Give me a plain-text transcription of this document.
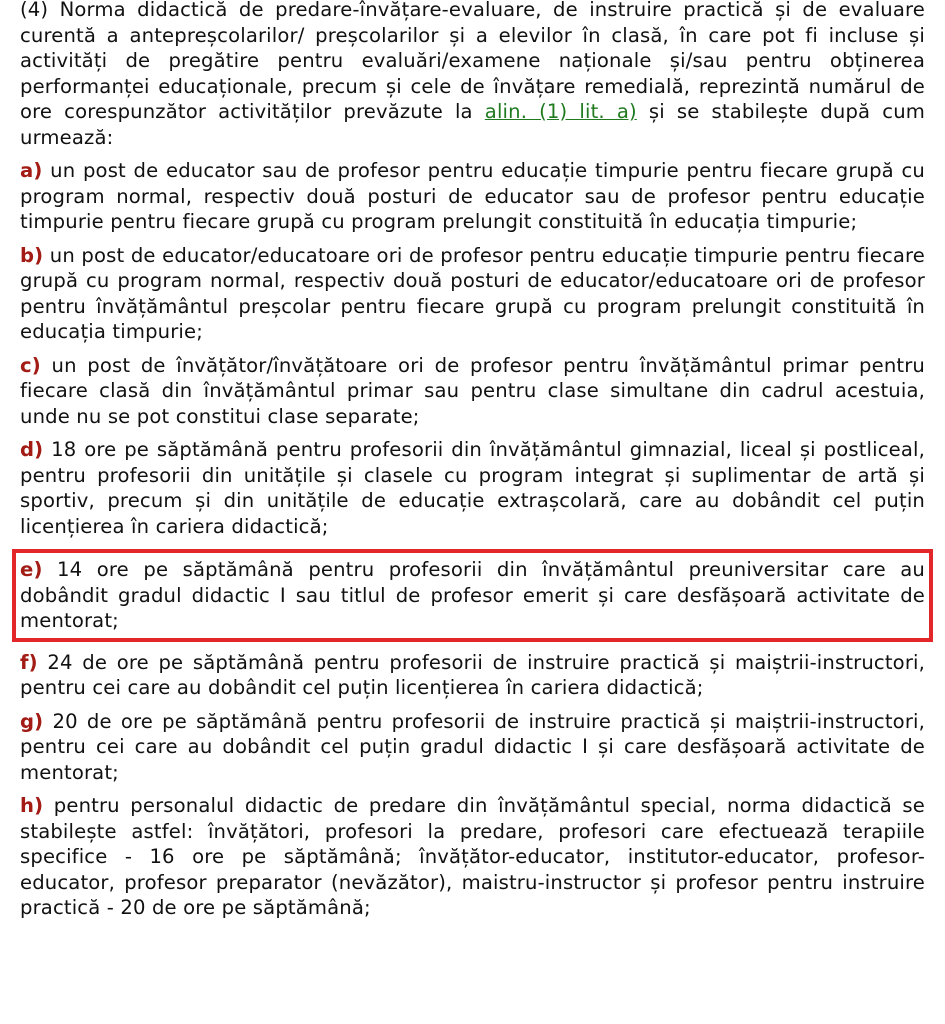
(4) Norma didactică de predare-învățare-evaluare, de instruire practică și de evaluare curentă a antepreșcolarilor/ preșcolarilor și a elevilor în clasă, în care pot fi incluse și activități de pregătire pentru evaluări/examene naționale și/sau pentru obținerea performanței educaționale, precum și cele de învățare remedială, reprezintă numărul de ore corespunzător activităților prevăzute la alin. (1) lit. a) și se stabilește după cum urmează:

a) un post de educator sau de profesor pentru educație timpurie pentru fiecare grupă cu program normal, respectiv două posturi de educator sau de profesor pentru educație timpurie pentru fiecare grupă cu program prelungit constituită în educația timpurie;

b) un post de educator/educatoare ori de profesor pentru educație timpurie pentru fiecare grupă cu program normal, respectiv două posturi de educator/educatoare ori de profesor pentru învățământul preșcolar pentru fiecare grupă cu program prelungit constituită în educația timpurie;

c) un post de învățător/învățătoare ori de profesor pentru învățământul primar pentru fiecare clasă din învățământul primar sau pentru clase simultane din cadrul acestuia, unde nu se pot constitui clase separate;

d) 18 ore pe săptămână pentru profesorii din învățământul gimnazial, liceal și postliceal, pentru profesorii din unitățile și clasele cu program integrat și suplimentar de artă și sportiv, precum și din unitățile de educație extrașcolară, care au dobândit cel puțin licențierea în cariera didactică;

e) 14 ore pe săptămână pentru profesorii din învățământul preuniversitar care au dobândit gradul didactic I sau titlul de profesor emerit și care desfășoară activitate de mentorat;

f) 24 de ore pe săptămână pentru profesorii de instruire practică și maiștrii-instructori, pentru cei care au dobândit cel puțin licențierea în cariera didactică;

g) 20 de ore pe săptămână pentru profesorii de instruire practică și maiștrii-instructori, pentru cei care au dobândit cel puțin gradul didactic I și care desfășoară activitate de mentorat;

h) pentru personalul didactic de predare din învățământul special, norma didactică se stabilește astfel: învățători, profesori la predare, profesori care efectuează terapiile specifice - 16 ore pe săptămână; învățător-educator, institutor-educator, profesor-educator, profesor preparator (nevăzător), maistru-instructor și profesor pentru instruire practică - 20 de ore pe săptămână;
